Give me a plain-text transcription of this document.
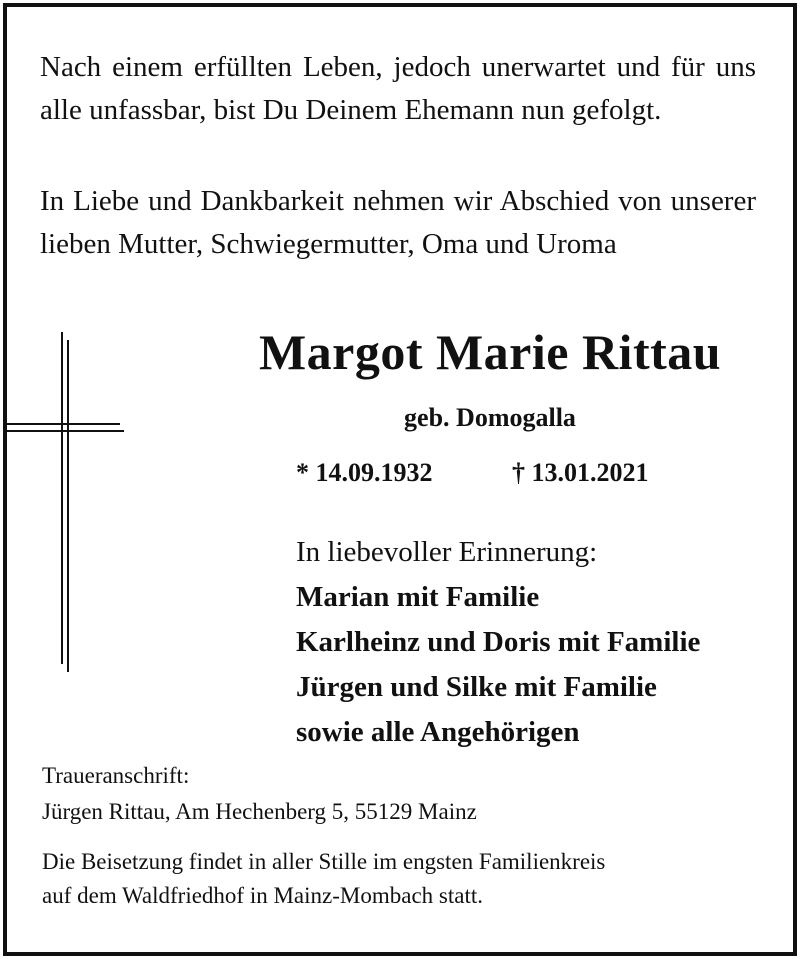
Nach einem erfüllten Leben, jedoch unerwartet und für uns alle unfassbar, bist Du Deinem Ehemann nun gefolgt.

In Liebe und Dankbarkeit nehmen wir Abschied von unserer lieben Mutter, Schwiegermutter, Oma und Uroma

Margot Marie Rittau

geb. Domogalla

* 14.09.1932	† 13.01.2021
In liebevoller Erinnerung:
Marian mit Familie
Karlheinz und Doris mit Familie
Jürgen und Silke mit Familie
sowie alle Angehörigen
Traueranschrift:
Jürgen Rittau, Am Hechenberg 5, 55129 Mainz
Die Beisetzung findet in aller Stille im engsten Familienkreis
auf dem Waldfriedhof in Mainz-Mombach statt.
